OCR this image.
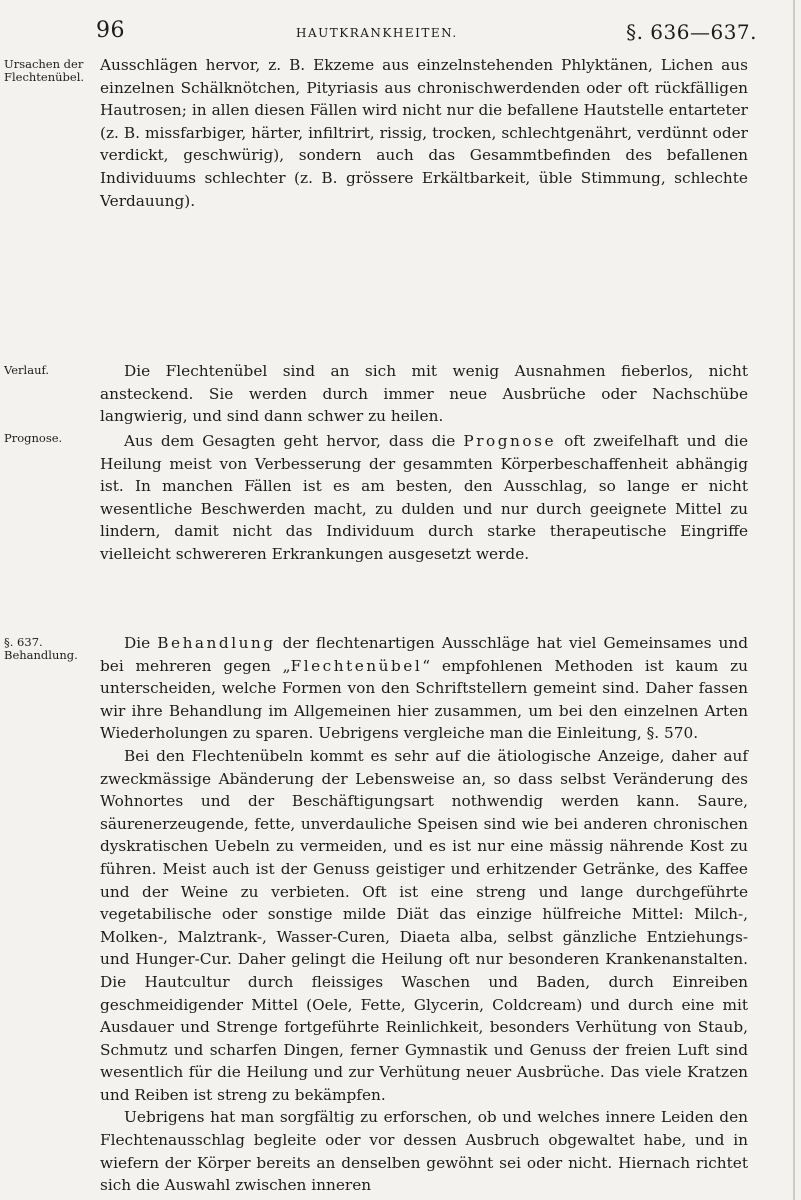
96	HAUTKRANKHEITEN.	§. 636—637.
Ursachen der Flechtenübel.
Verlauf.
Prognose.
§. 637. Behandlung.

Ausschlägen hervor, z. B. Ekzeme aus einzelnstehenden Phlyktänen, Lichen aus einzelnen Schälknötchen, Pityriasis aus chronischwerdenden oder oft rückfälligen Hautrosen; in allen diesen Fällen wird nicht nur die befallene Hautstelle entarteter (z. B. missfarbiger, härter, infiltrirt, rissig, trocken, schlechtgenährt, verdünnt oder verdickt, geschwürig), sondern auch das Gesammtbefinden des befallenen Individuums schlechter (z. B. grössere Erkältbarkeit, üble Stimmung, schlechte Verdauung).

Die Flechtenübel sind an sich mit wenig Ausnahmen fieberlos, nicht ansteckend. Sie werden durch immer neue Ausbrüche oder Nachschübe langwierig, und sind dann schwer zu heilen.

Aus dem Gesagten geht hervor, dass die Prognose oft zweifelhaft und die Heilung meist von Verbesserung der gesammten Körperbeschaffenheit abhängig ist. In manchen Fällen ist es am besten, den Ausschlag, so lange er nicht wesentliche Beschwerden macht, zu dulden und nur durch geeignete Mittel zu lindern, damit nicht das Individuum durch starke therapeutische Eingriffe vielleicht schwereren Erkrankungen ausgesetzt werde.

Die Behandlung der flechtenartigen Ausschläge hat viel Gemeinsames und bei mehreren gegen „Flechtenübel“ empfohlenen Methoden ist kaum zu unterscheiden, welche Formen von den Schriftstellern gemeint sind. Daher fassen wir ihre Behandlung im Allgemeinen hier zusammen, um bei den einzelnen Arten Wiederholungen zu sparen. Uebrigens vergleiche man die Einleitung, §. 570.

Bei den Flechtenübeln kommt es sehr auf die ätiologische Anzeige, daher auf zweckmässige Abänderung der Lebensweise an, so dass selbst Veränderung des Wohnortes und der Beschäftigungsart nothwendig werden kann. Saure, säurenerzeugende, fette, unverdauliche Speisen sind wie bei anderen chronischen dyskratischen Uebeln zu vermeiden, und es ist nur eine mässig nährende Kost zu führen. Meist auch ist der Genuss geistiger und erhitzender Getränke, des Kaffee und der Weine zu verbieten. Oft ist eine streng und lange durchgeführte vegetabilische oder sonstige milde Diät das einzige hülfreiche Mittel: Milch-, Molken-, Malztrank-, Wasser-Curen, Diaeta alba, selbst gänzliche Entziehungs- und Hunger-Cur. Daher gelingt die Heilung oft nur besonderen Krankenanstalten. Die Hautcultur durch fleissiges Waschen und Baden, durch Einreiben geschmeidigender Mittel (Oele, Fette, Glycerin, Coldcream) und durch eine mit Ausdauer und Strenge fortgeführte Reinlichkeit, besonders Verhütung von Staub, Schmutz und scharfen Dingen, ferner Gymnastik und Genuss der freien Luft sind wesentlich für die Heilung und zur Verhütung neuer Ausbrüche. Das viele Kratzen und Reiben ist streng zu bekämpfen.

Uebrigens hat man sorgfältig zu erforschen, ob und welches innere Leiden den Flechtenausschlag begleite oder vor dessen Ausbruch obgewaltet habe, und in wiefern der Körper bereits an denselben gewöhnt sei oder nicht. Hiernach richtet sich die Auswahl zwischen inneren
